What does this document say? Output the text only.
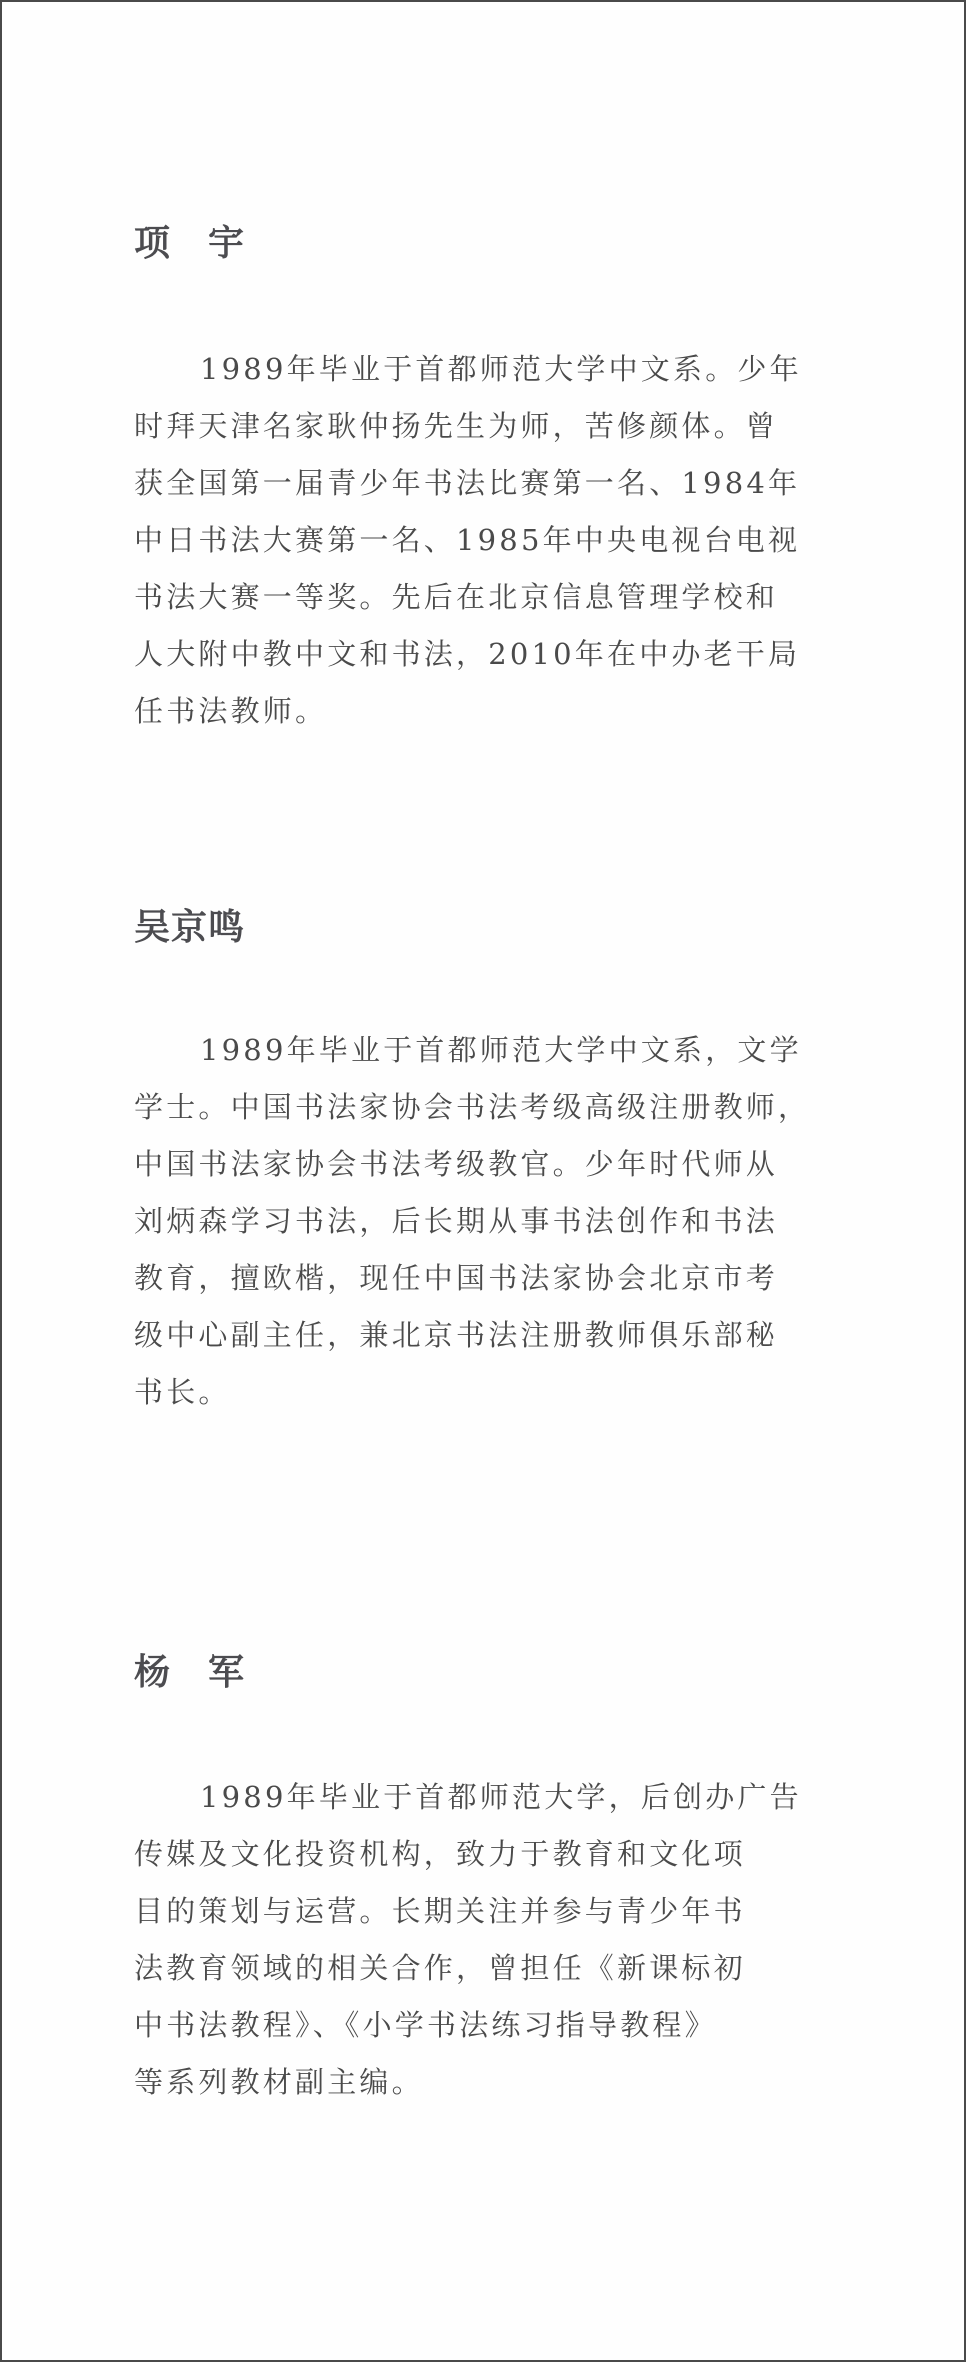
项　宇
1989年毕业于首都师范大学中文系。少年
时拜天津名家耿仲扬先生为师，苦修颜体。曾
获全国第一届青少年书法比赛第一名、1984年
中日书法大赛第一名、1985年中央电视台电视
书法大赛一等奖。先后在北京信息管理学校和
人大附中教中文和书法，2010年在中办老干局
任书法教师。
吴京鸣
1989年毕业于首都师范大学中文系，文学
学士。中国书法家协会书法考级高级注册教师，
中国书法家协会书法考级教官。少年时代师从
刘炳森学习书法，后长期从事书法创作和书法
教育，擅欧楷，现任中国书法家协会北京市考
级中心副主任，兼北京书法注册教师俱乐部秘
书长。
杨　军
1989年毕业于首都师范大学，后创办广告
传媒及文化投资机构，致力于教育和文化项
目的策划与运营。长期关注并参与青少年书
法教育领域的相关合作，曾担任《新课标初
中书法教程》、《小学书法练习指导教程》
等系列教材副主编。
